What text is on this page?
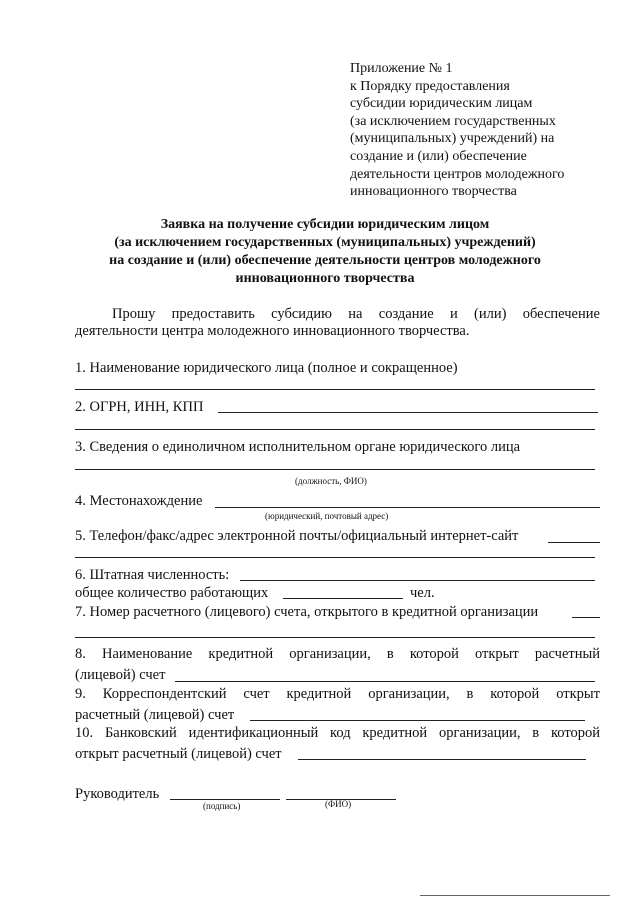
Приложение № 1
к Порядку предоставления
субсидии юридическим лицам
(за исключением государственных
(муниципальных) учреждений) на
создание и (или) обеспечение
деятельности центров молодежного
инновационного творчества
Заявка на получение субсидии юридическим лицом
(за исключением государственных (муниципальных) учреждений)
на создание и (или) обеспечение деятельности центров молодежного
инновационного творчества
Прошу предоставить субсидию на создание и (или) обеспечение
деятельности центра молодежного инновационного творчества.
1. Наименование юридического лица (полное и сокращенное)
2. ОГРН, ИНН, КПП
3. Сведения о единоличном исполнительном органе юридического лица
(должность, ФИО)
4. Местонахождение
(юридический, почтовый адрес)
5. Телефон/факс/адрес электронной почты/официальный интернет-сайт
6. Штатная численность:
общее количество работающих	чел.
7. Номер расчетного (лицевого) счета, открытого в кредитной организации
8. Наименование кредитной организации, в которой открыт расчетный
(лицевой) счет
9. Корреспондентский счет кредитной организации, в которой открыт
расчетный (лицевой) счет
10. Банковский идентификационный код кредитной организации, в которой
открыт расчетный (лицевой) счет
Руководитель
(подпись)	(ФИО)
